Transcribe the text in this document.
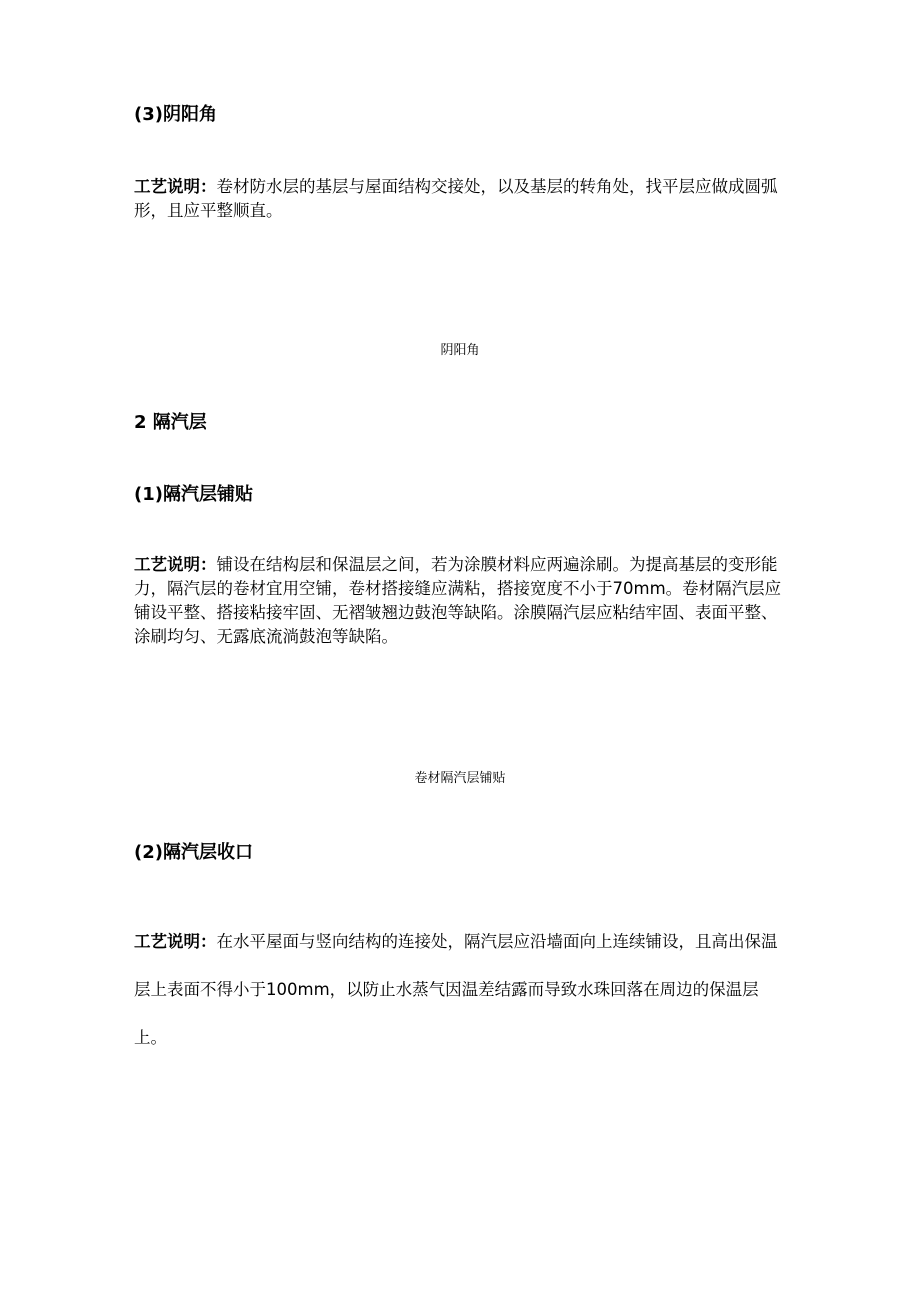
(3)阴阳角

工艺说明：卷材防水层的基层与屋面结构交接处，以及基层的转角处，找平层应做成圆弧形，且应平整顺直。

阴阳角

2 隔汽层
(1)隔汽层铺贴

工艺说明：铺设在结构层和保温层之间，若为涂膜材料应两遍涂刷。为提高基层的变形能力，隔汽层的卷材宜用空铺，卷材搭接缝应满粘，搭接宽度不小于70mm。卷材隔汽层应铺设平整、搭接粘接牢固、无褶皱翘边鼓泡等缺陷。涂膜隔汽层应粘结牢固、表面平整、涂刷均匀、无露底流淌鼓泡等缺陷。

卷材隔汽层铺贴

(2)隔汽层收口

工艺说明：在水平屋面与竖向结构的连接处，隔汽层应沿墙面向上连续铺设，且高出保温层上表面不得小于100mm，以防止水蒸气因温差结露而导致水珠回落在周边的保温层上。
